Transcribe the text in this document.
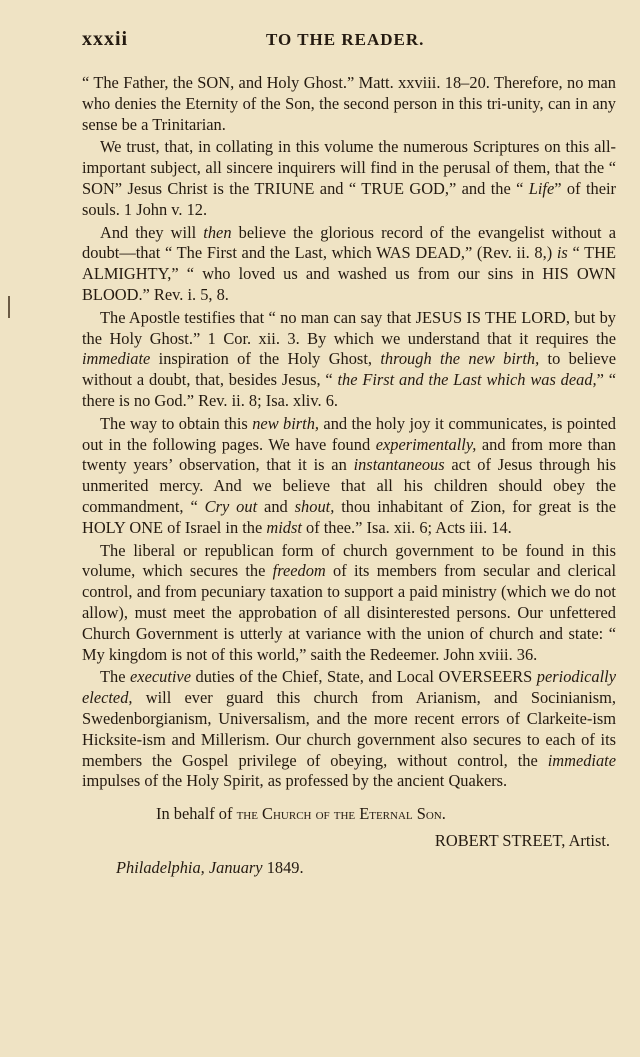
xxxii	TO THE READER.

“ The Father, the SON, and Holy Ghost.” Matt. xxviii. 18–20. Therefore, no man who denies the Eternity of the Son, the second person in this tri-unity, can in any sense be a Trinitarian.

We trust, that, in collating in this volume the numerous Scriptures on this all-important subject, all sincere inquirers will find in the perusal of them, that the “ SON” Jesus Christ is the TRIUNE and “ TRUE GOD,” and the “ Life” of their souls. 1 John v. 12.

And they will then believe the glorious record of the evangelist without a doubt—that “ The First and the Last, which WAS DEAD,” (Rev. ii. 8,) is “ THE ALMIGHTY,” “ who loved us and washed us from our sins in HIS OWN BLOOD.” Rev. i. 5, 8.

The Apostle testifies that “ no man can say that JESUS IS THE LORD, but by the Holy Ghost.” 1 Cor. xii. 3. By which we understand that it requires the immediate inspiration of the Holy Ghost, through the new birth, to believe without a doubt, that, besides Jesus, “ the First and the Last which was dead,” “ there is no God.” Rev. ii. 8; Isa. xliv. 6.

The way to obtain this new birth, and the holy joy it communicates, is pointed out in the following pages. We have found experimentally, and from more than twenty years’ observation, that it is an instantaneous act of Jesus through his unmerited mercy. And we believe that all his children should obey the commandment, “ Cry out and shout, thou inhabitant of Zion, for great is the HOLY ONE of Israel in the midst of thee.” Isa. xii. 6; Acts iii. 14.

The liberal or republican form of church government to be found in this volume, which secures the freedom of its members from secular and clerical control, and from pecuniary taxation to support a paid ministry (which we do not allow), must meet the approbation of all disinterested persons. Our unfettered Church Government is utterly at variance with the union of church and state: “ My kingdom is not of this world,” saith the Redeemer. John xviii. 36.

The executive duties of the Chief, State, and Local OVERSEERS periodically elected, will ever guard this church from Arianism, and Socinianism, Swedenborgianism, Universalism, and the more recent errors of Clarkeite-ism Hicksite-ism and Millerism. Our church government also secures to each of its members the Gospel privilege of obeying, without control, the immediate impulses of the Holy Spirit, as professed by the ancient Quakers.

In behalf of the Church of the Eternal Son.
ROBERT STREET, Artist.
Philadelphia, January 1849.
